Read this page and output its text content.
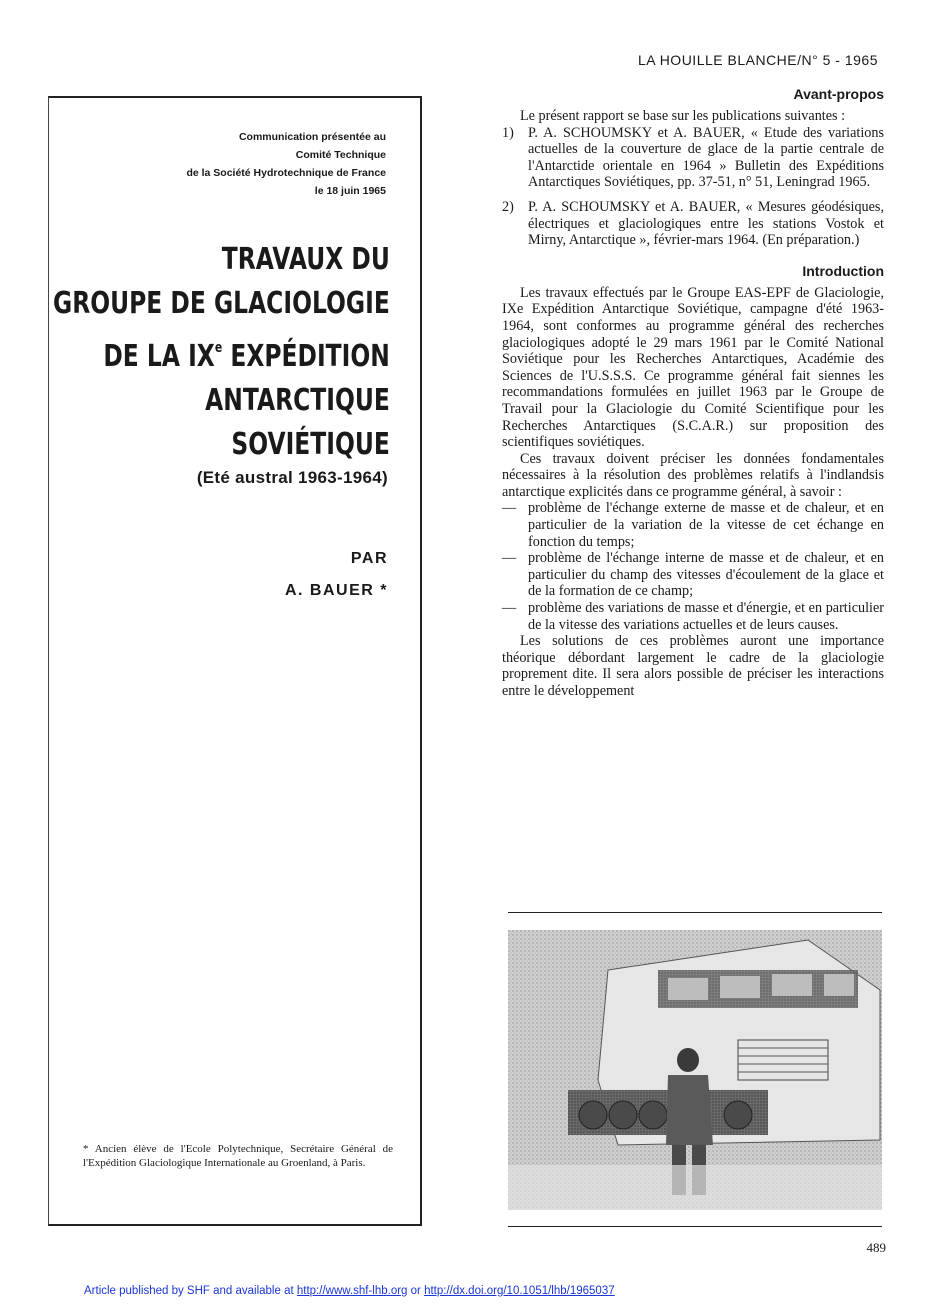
LA HOUILLE BLANCHE/N° 5 - 1965
Communication présentée au
Comité Technique
de la Société Hydrotechnique de France
le 18 juin 1965
TRAVAUX DU
GROUPE DE GLACIOLOGIE
DE LA IXe EXPÉDITION
ANTARCTIQUE
SOVIÉTIQUE
(Eté austral 1963-1964)
PAR
A. BAUER *
* Ancien élève de l'Ecole Polytechnique, Secrétaire Général de l'Expédition Glaciologique Internationale au Groenland, à Paris.
Avant-propos

Le présent rapport se base sur les publications suivantes :

1) P. A. SCHOUMSKY et A. BAUER, « Etude des variations actuelles de la couverture de glace de la partie centrale de l'Antarctide orientale en 1964 » Bulletin des Expéditions Antarctiques Soviétiques, pp. 37-51, n° 51, Leningrad 1965.
2) P. A. SCHOUMSKY et A. BAUER, « Mesures géodésiques, électriques et glaciologiques entre les stations Vostok et Mirny, Antarctique », février-mars 1964. (En préparation.)
Introduction

Les travaux effectués par le Groupe EAS-EPF de Glaciologie, IXe Expédition Antarctique Soviétique, campagne d'été 1963-1964, sont conformes au programme général des recherches glaciologiques adopté le 29 mars 1961 par le Comité National Soviétique pour les Recherches Antarctiques, Académie des Sciences de l'U.S.S.S. Ce programme général fait siennes les recommandations formulées en juillet 1963 par le Groupe de Travail pour la Glaciologie du Comité Scientifique pour les Recherches Antarctiques (S.C.A.R.) sur proposition des scientifiques soviétiques.

Ces travaux doivent préciser les données fondamentales nécessaires à la résolution des problèmes relatifs à l'indlandsis antarctique explicités dans ce programme général, à savoir :

— problème de l'échange externe de masse et de chaleur, et en particulier de la variation de la vitesse de cet échange en fonction du temps;
— problème de l'échange interne de masse et de chaleur, et en particulier du champ des vitesses d'écoulement de la glace et de la formation de ce champ;
— problème des variations de masse et d'énergie, et en particulier de la vitesse des variations actuelles et de leurs causes.

Les solutions de ces problèmes auront une importance théorique débordant largement le cadre de la glaciologie proprement dite. Il sera alors possible de préciser les interactions entre le développement

489
Article published by SHF and available at http://www.shf-lhb.org or http://dx.doi.org/10.1051/lhb/1965037
